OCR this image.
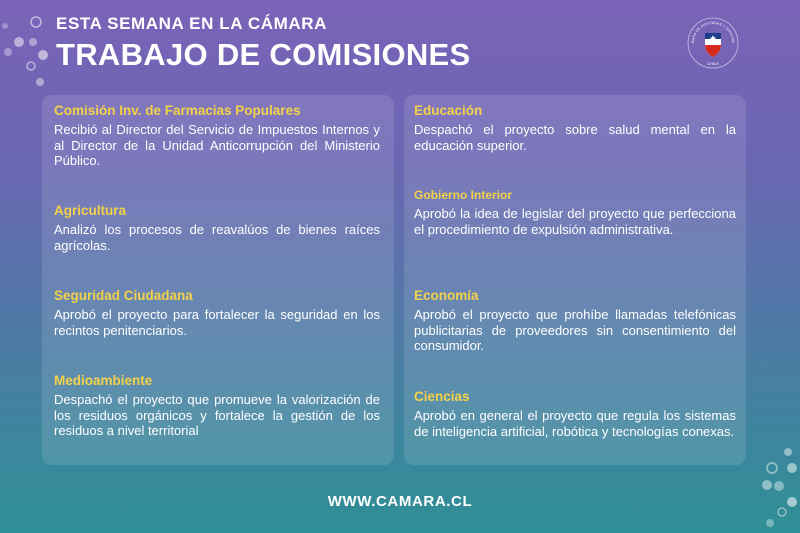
ESTA SEMANA EN LA CÁMARA
TRABAJO DE COMISIONES	MARA DE DIPUTADAS Y DIPUTAD
CHILE
Comisión Inv. de Farmacias Populares

Recibió al Director del Servicio de Impuestos Internos y al Director de la Unidad Anticorrupción del Ministerio Público.

Agricultura

Analizó los procesos de reavalúos de bienes raíces agrícolas.

Seguridad Ciudadana

Aprobó el proyecto para fortalecer la seguridad en los recintos penitenciarios.

Medioambiente

Despachó el proyecto que promueve la valorización de los residuos orgánicos y fortalece la gestión de los residuos a nivel territorial

Educación

Despachó el proyecto sobre salud mental en la educación superior.

Gobierno Interior

Aprobó la idea de legislar del proyecto que perfecciona el procedimiento de expulsión administrativa.

Economía

Aprobó el proyecto que prohíbe llamadas telefónicas publicitarias de proveedores sin consentimiento del consumidor.

Ciencias

Aprobó en general el proyecto que regula los sistemas de inteligencia artificial, robótica y tecnologías conexas.

WWW.CAMARA.CL
